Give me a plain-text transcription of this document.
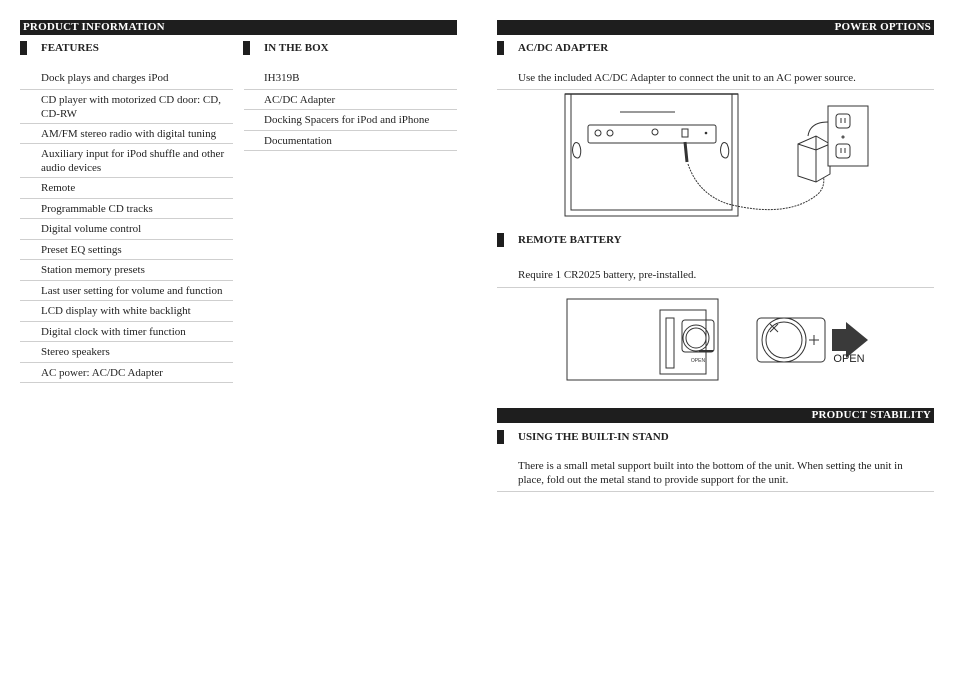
PRODUCT INFORMATION
FEATURES
Dock plays and charges iPod
CD player with motorized CD door: CD, CD-RW
AM/FM stereo radio with digital tuning
Auxiliary input for iPod shuffle and other audio devices
Remote
Programmable CD tracks
Digital volume control
Preset EQ settings
Station memory presets
Last user setting for volume and function
LCD display with white backlight
Digital clock with timer function
Stereo speakers
AC power: AC/DC Adapter
IN THE BOX
IH319B
AC/DC Adapter
Docking Spacers for iPod and iPhone
Documentation
POWER OPTIONS
AC/DC ADAPTER
Use the included AC/DC Adapter to connect the unit to an AC power source.
REMOTE BATTERY
Require 1 CR2025 battery, pre-installed.
OPEN	OPEN
PRODUCT STABILITY
USING THE BUILT-IN STAND
There is a small metal support built into the bottom of the unit. When setting the unit in place, fold out the metal stand to provide support for the unit.
